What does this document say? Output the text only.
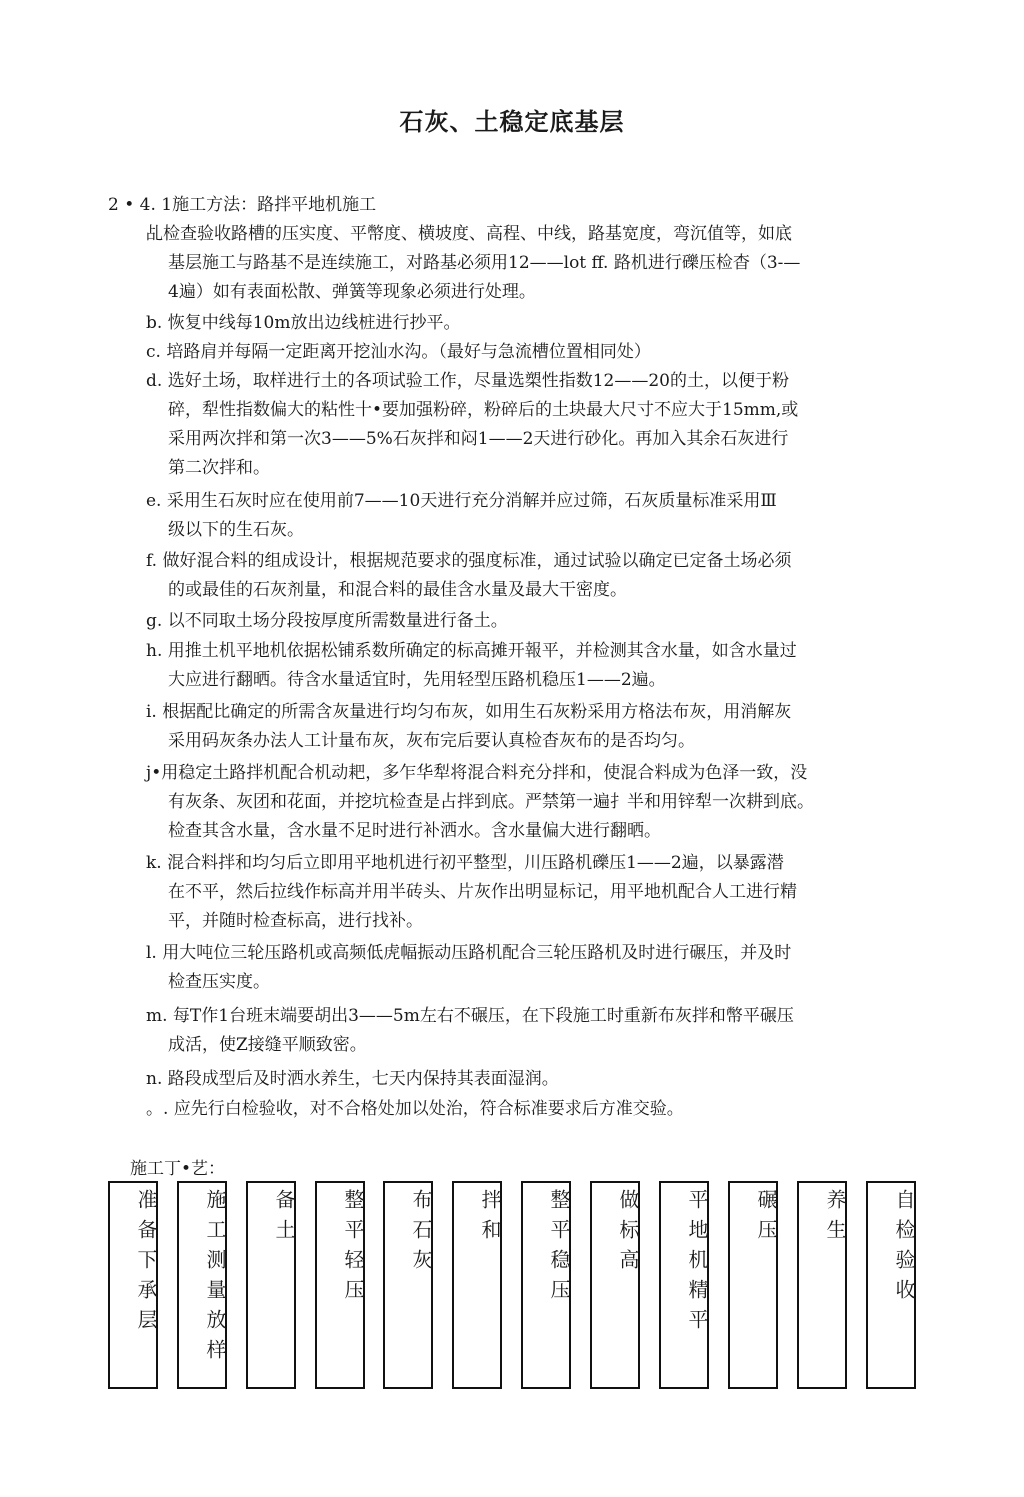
石灰、土稳定底基层
2 • 4. 1施工方法：路拌平地机施工
乩检查验收路槽的压实度、平幣度、横坡度、高程、中线，路基宽度，弯沉值等，如底
基层施工与路基不是连续施工，对路基必须用12——lot ff. 路机进行礫压检杳（3-—
4遍）如有表面松散、弹簧等现象必须进行处理。
b. 恢复中线每10m放出边线桩进行抄平。
c. 培路肩并每隔一定距离开挖汕水沟。（最好与急流槽位置相同处）
d. 选好土场，取样进行土的各项试验工作，尽量选槊性指数12——20的土，以便于粉
碎，犁性指数偏大的粘性十•要加强粉碎，粉碎后的土块最大尺寸不应大于15mm,或
采用两次拌和第一次3——5%石灰拌和闷1——2天进行砂化。再加入其余石灰进行
第二次拌和。
e. 采用生石灰时应在使用前7——10天进行充分消解并应过筛，石灰质量标准采用Ⅲ
级以下的生石灰。
f. 做好混合料的组成设计，根据规范要求的强度标准，通过试验以确定已定备土场必须
的或最佳的石灰剂量，和混合料的最佳含水量及最大干密度。
g. 以不同取土场分段按厚度所需数量进行备土。
h. 用推土机平地机依据松铺系数所确定的标高摊开報平，并检测其含水量，如含水量过
大应进行翻晒。待含水量适宜时，先用轻型压路机稳压1——2遍。
i. 根据配比确定的所需含灰量进行均匀布灰，如用生石灰粉采用方格法布灰，用消解灰
采用码灰条办法人工计量布灰，灰布完后要认真检杳灰布的是否均匀。
j•用稳定土路拌机配合机动耙，多乍华犁将混合料充分拌和，使混合料成为色泽一致，没
有灰条、灰团和花面，并挖坑检查是占拌到底。严禁第一遍扌半和用锌犁一次耕到底。
检查其含水量，含水量不足时进行补洒水。含水量偏大进行翻晒。
k. 混合料拌和均匀后立即用平地机进行初平整型，川压路机礫压1——2遍，以暴露潜
在不平，然后拉线作标高并用半砖头、片灰作出明显标记，用平地机配合人工进行精
平，并随时检查标高，进行找补。
l. 用大吨位三轮压路机或高频低虎幅振动压路机配合三轮压路机及时进行碾压，并及时
检查压实度。
m. 每T作1台班末端要胡出3——5m左右不碾压，在下段施工时重新布灰拌和幣平碾压
成活，使Z接缝平顺致密。
n. 路段成型后及时洒水养生，七天内保持其表面湿润。
。. 应先行白检验收，对不合格处加以处治，符合标准要求后方准交验。
施工丁•艺：
准备下承层	施工测量放样	备土	整平轻压	布石灰	拌和	整平稳压	做标高	平地机精平	碾压	养生	自检验收
